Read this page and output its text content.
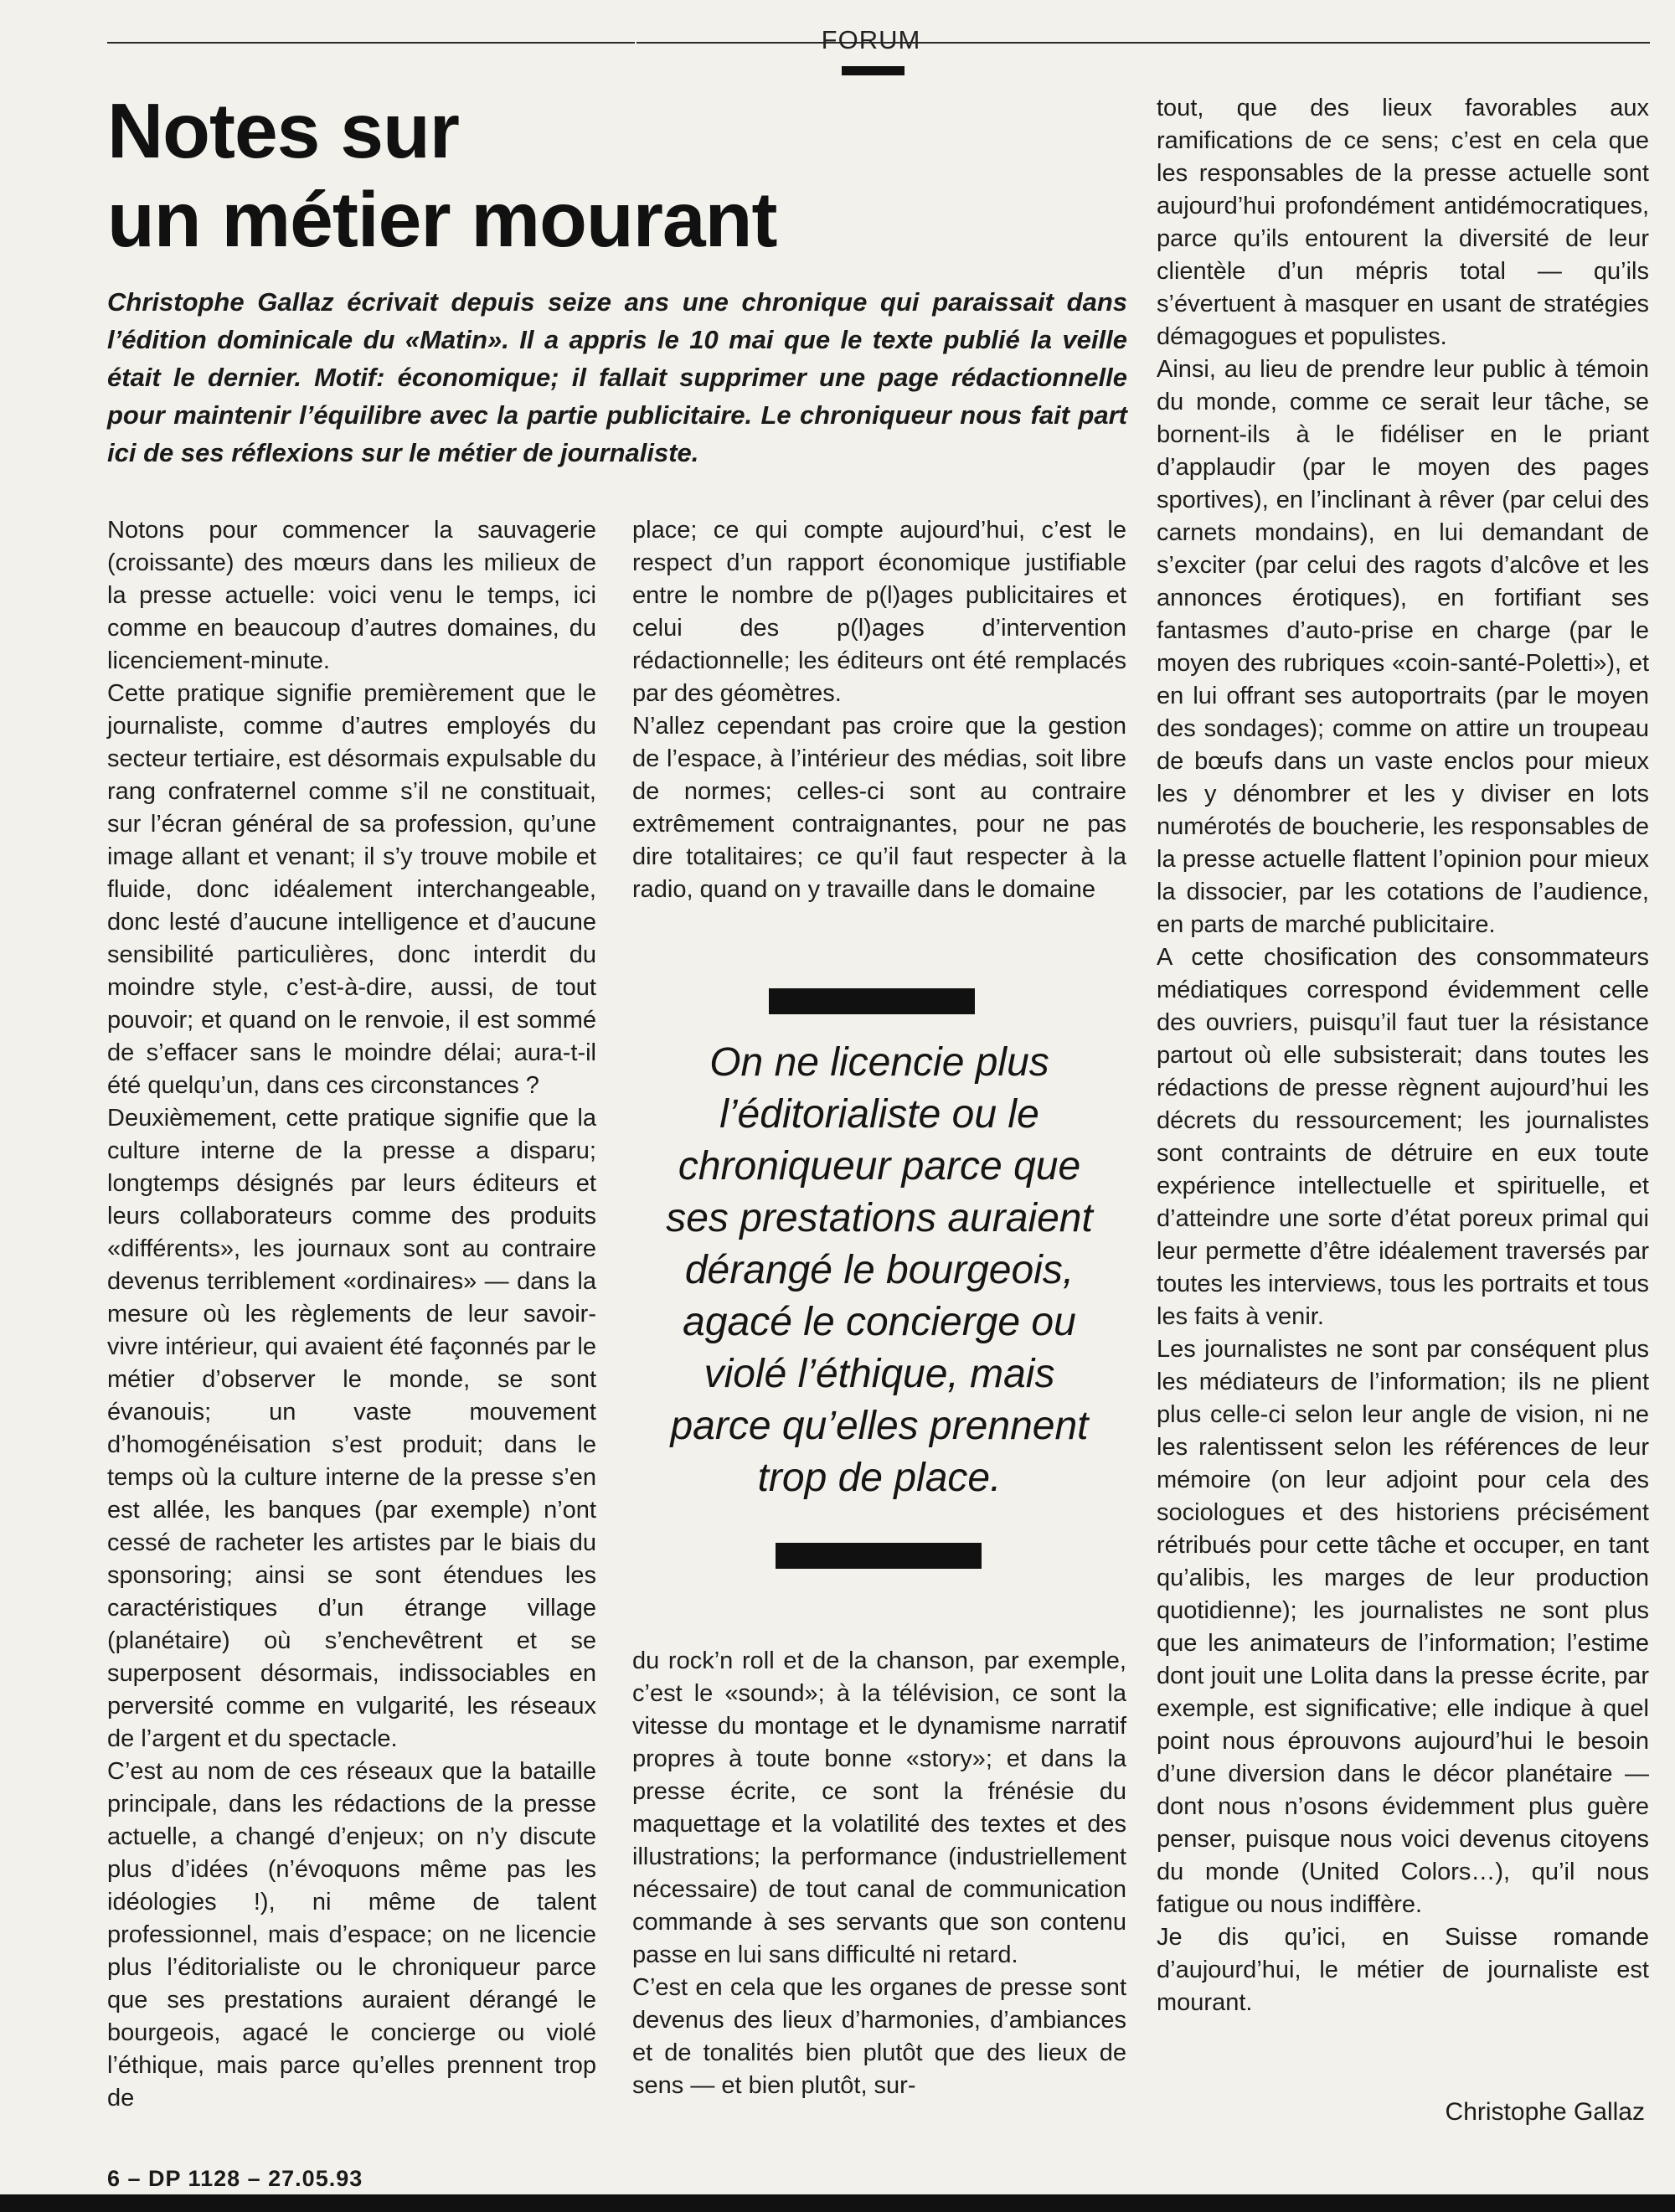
FORUM
Notes sur
un métier mourant
Christophe Gallaz écrivait depuis seize ans une chronique qui paraissait dans l’édition dominicale du «Matin». Il a appris le 10 mai que le texte publié la veille était le dernier. Motif: économique; il fallait supprimer une page rédactionnelle pour maintenir l’équilibre avec la partie publicitaire. Le chroniqueur nous fait part ici de ses réflexions sur le métier de journaliste.

Notons pour commencer la sauvagerie (croissante) des mœurs dans les milieux de la presse actuelle: voici venu le temps, ici comme en beaucoup d’autres domaines, du licenciement-minute.

Cette pratique signifie premièrement que le journaliste, comme d’autres employés du secteur tertiaire, est désormais expulsable du rang confraternel comme s’il ne constituait, sur l’écran général de sa profession, qu’une image allant et venant; il s’y trouve mobile et fluide, donc idéalement interchangeable, donc lesté d’aucune intelligence et d’aucune sensibilité particulières, donc interdit du moindre style, c’est-à-dire, aussi, de tout pouvoir; et quand on le renvoie, il est sommé de s’effacer sans le moindre délai; aura-t-il été quelqu’un, dans ces circonstances ?

Deuxièmement, cette pratique signifie que la culture interne de la presse a disparu; longtemps désignés par leurs éditeurs et leurs collaborateurs comme des produits «différents», les journaux sont au contraire devenus terriblement «ordinaires» — dans la mesure où les règlements de leur savoir-vivre intérieur, qui avaient été façonnés par le métier d’observer le monde, se sont évanouis; un vaste mouvement d’homogénéisation s’est produit; dans le temps où la culture interne de la presse s’en est allée, les banques (par exemple) n’ont cessé de racheter les artistes par le biais du sponsoring; ainsi se sont étendues les caractéristiques d’un étrange village (planétaire) où s’enchevêtrent et se superposent désormais, indissociables en perversité comme en vulgarité, les réseaux de l’argent et du spectacle.

C’est au nom de ces réseaux que la bataille principale, dans les rédactions de la presse actuelle, a changé d’enjeux; on n’y discute plus d’idées (n’évoquons même pas les idéologies !), ni même de talent professionnel, mais d’espace; on ne licencie plus l’éditorialiste ou le chroniqueur parce que ses prestations auraient dérangé le bourgeois, agacé le concierge ou violé l’éthique, mais parce qu’elles prennent trop de

place; ce qui compte aujourd’hui, c’est le respect d’un rapport économique justifiable entre le nombre de p(l)ages publicitaires et celui des p(l)ages d’intervention rédactionnelle; les éditeurs ont été remplacés par des géomètres.

N’allez cependant pas croire que la gestion de l’espace, à l’intérieur des médias, soit libre de normes; celles-ci sont au contraire extrêmement contraignantes, pour ne pas dire totalitaires; ce qu’il faut respecter à la radio, quand on y travaille dans le domaine

On ne licencie plus l’éditorialiste ou le chroniqueur parce que ses prestations auraient dérangé le bourgeois, agacé le concierge ou violé l’éthique, mais parce qu’elles prennent trop de place.

du rock’n roll et de la chanson, par exemple, c’est le «sound»; à la télévision, ce sont la vitesse du montage et le dynamisme narratif propres à toute bonne «story»; et dans la presse écrite, ce sont la frénésie du maquettage et la volatilité des textes et des illustrations; la performance (industriellement nécessaire) de tout canal de communication commande à ses servants que son contenu passe en lui sans difficulté ni retard.

C’est en cela que les organes de presse sont devenus des lieux d’harmonies, d’ambiances et de tonalités bien plutôt que des lieux de sens — et bien plutôt, sur-

tout, que des lieux favorables aux ramifications de ce sens; c’est en cela que les responsables de la presse actuelle sont aujourd’hui profondément antidémocratiques, parce qu’ils entourent la diversité de leur clientèle d’un mépris total — qu’ils s’évertuent à masquer en usant de stratégies démagogues et populistes.

Ainsi, au lieu de prendre leur public à témoin du monde, comme ce serait leur tâche, se bornent-ils à le fidéliser en le priant d’applaudir (par le moyen des pages sportives), en l’inclinant à rêver (par celui des carnets mondains), en lui demandant de s’exciter (par celui des ragots d’alcôve et les annonces érotiques), en fortifiant ses fantasmes d’auto-prise en charge (par le moyen des rubriques «coin-santé-Poletti»), et en lui offrant ses autoportraits (par le moyen des sondages); comme on attire un troupeau de bœufs dans un vaste enclos pour mieux les y dénombrer et les y diviser en lots numérotés de boucherie, les responsables de la presse actuelle flattent l’opinion pour mieux la dissocier, par les cotations de l’audience, en parts de marché publicitaire.

A cette chosification des consommateurs médiatiques correspond évidemment celle des ouvriers, puisqu’il faut tuer la résistance partout où elle subsisterait; dans toutes les rédactions de presse règnent aujourd’hui les décrets du ressourcement; les journalistes sont contraints de détruire en eux toute expérience intellectuelle et spirituelle, et d’atteindre une sorte d’état poreux primal qui leur permette d’être idéalement traversés par toutes les interviews, tous les portraits et tous les faits à venir.

Les journalistes ne sont par conséquent plus les médiateurs de l’information; ils ne plient plus celle-ci selon leur angle de vision, ni ne les ralentissent selon les références de leur mémoire (on leur adjoint pour cela des sociologues et des historiens précisément rétribués pour cette tâche et occuper, en tant qu’alibis, les marges de leur production quotidienne); les journalistes ne sont plus que les animateurs de l’information; l’estime dont jouit une Lolita dans la presse écrite, par exemple, est significative; elle indique à quel point nous éprouvons aujourd’hui le besoin d’une diversion dans le décor planétaire — dont nous n’osons évidemment plus guère penser, puisque nous voici devenus citoyens du monde (United Colors…), qu’il nous fatigue ou nous indiffère.

Je dis qu’ici, en Suisse romande d’aujourd’hui, le métier de journaliste est mourant.

Christophe Gallaz
6 – DP 1128 – 27.05.93
